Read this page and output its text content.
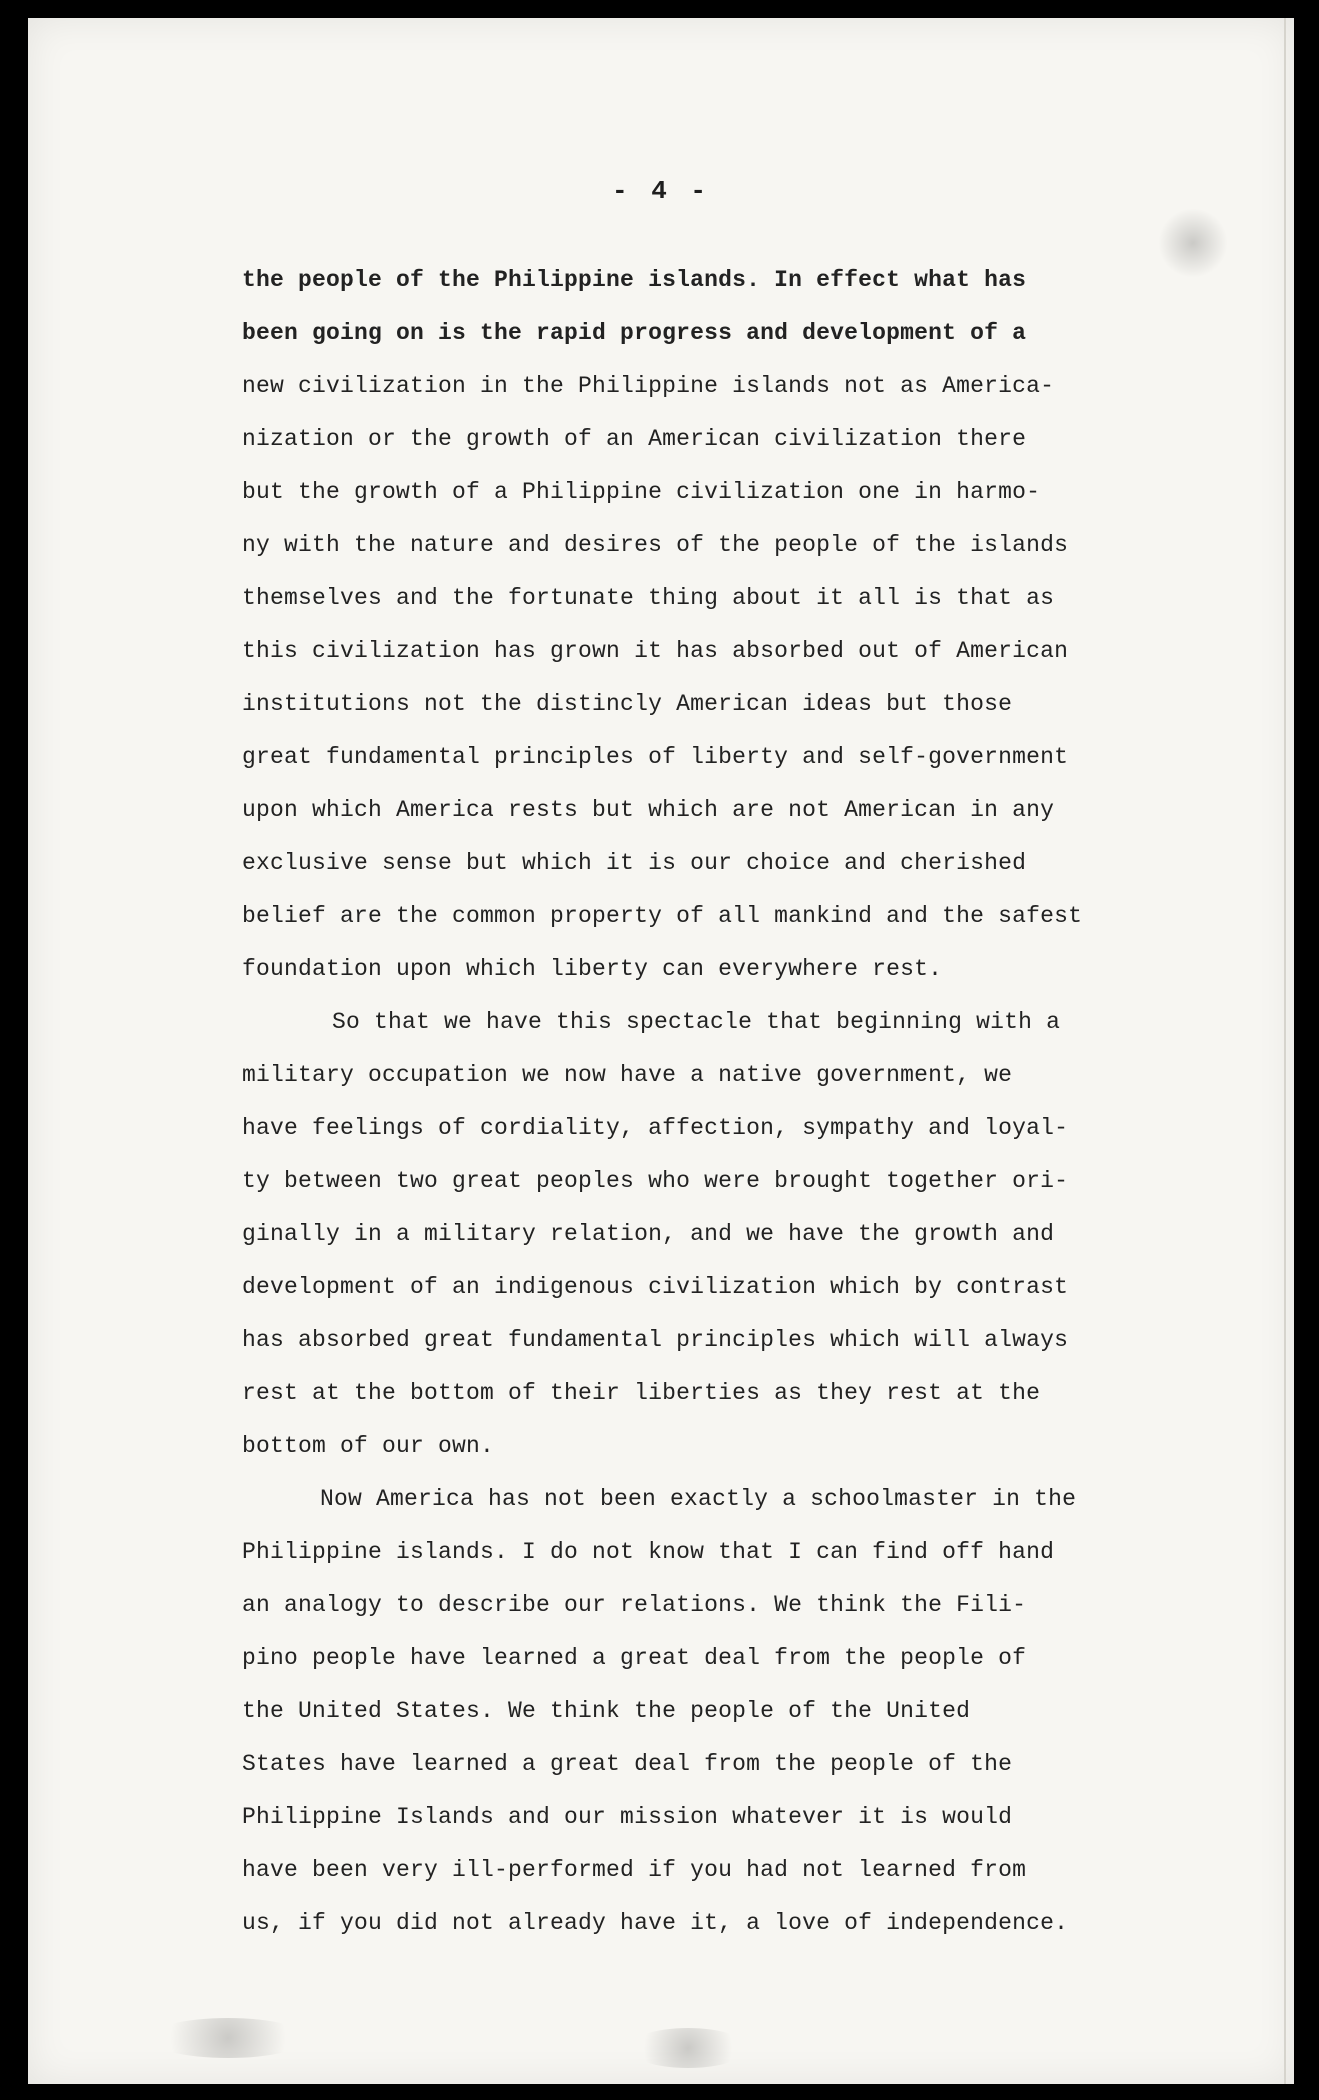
- 4 -
the people of the Philippine islands. In effect what has
been going on is the rapid progress and development of a
new civilization in the Philippine islands not as America-
nization or the growth of an American civilization there
but the growth of a Philippine civilization one in harmo-
ny with the nature and desires of the people of the islands
themselves and the fortunate thing about it all is that as
this civilization has grown it has absorbed out of American
institutions not the distincly American ideas but those
great fundamental principles of liberty and self-government
upon which America rests but which are not American in any
exclusive sense but which it is our choice and cherished
belief are the common property of all mankind and the safest
foundation upon which liberty can everywhere rest.
So that we have this spectacle that beginning with a
military occupation we now have a native government, we
have feelings of cordiality, affection, sympathy and loyal-
ty between two great peoples who were brought together ori-
ginally in a military relation, and we have the growth and
development of an indigenous civilization which by contrast
has absorbed great fundamental principles which will always
rest at the bottom of their liberties as they rest at the
bottom of our own.
Now America has not been exactly a schoolmaster in the
Philippine islands. I do not know that I can find off hand
an analogy to describe our relations. We think the Fili-
pino people have learned a great deal from the people of
the United States. We think the people of the United
States have learned a great deal from the people of the
Philippine Islands and our mission whatever it is would
have been very ill-performed if you had not learned from
us, if you did not already have it, a love of independence.
